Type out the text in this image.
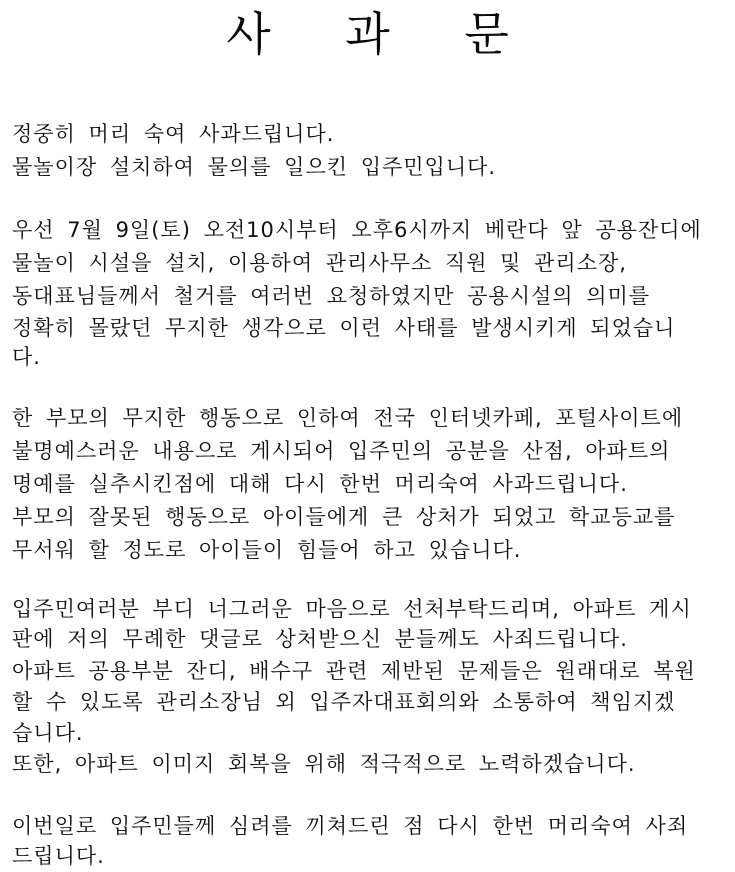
사 과 문
정중히 머리 숙여 사과드립니다.
물놀이장 설치하여 물의를 일으킨 입주민입니다.
우선 7월 9일(토) 오전10시부터 오후6시까지 베란다 앞 공용잔디에
물놀이 시설을 설치, 이용하여 관리사무소 직원 및 관리소장,
동대표님들께서 철거를 여러번 요청하였지만 공용시설의 의미를
정확히 몰랐던 무지한 생각으로 이런 사태를 발생시키게 되었습니
다.
한 부모의 무지한 행동으로 인하여 전국 인터넷카페, 포털사이트에
불명예스러운 내용으로 게시되어 입주민의 공분을 산점, 아파트의
명예를 실추시킨점에 대해 다시 한번 머리숙여 사과드립니다.
부모의 잘못된 행동으로 아이들에게 큰 상처가 되었고 학교등교를
무서워 할 정도로 아이들이 힘들어 하고 있습니다.
입주민여러분 부디 너그러운 마음으로 선처부탁드리며, 아파트 게시
판에 저의 무례한 댓글로 상처받으신 분들께도 사죄드립니다.
아파트 공용부분 잔디, 배수구 관련 제반된 문제들은 원래대로 복원
할 수 있도록 관리소장님 외 입주자대표회의와 소통하여 책임지겠
습니다.
또한, 아파트 이미지 회복을 위해 적극적으로 노력하겠습니다.
이번일로 입주민들께 심려를 끼쳐드린 점 다시 한번 머리숙여 사죄
드립니다.
